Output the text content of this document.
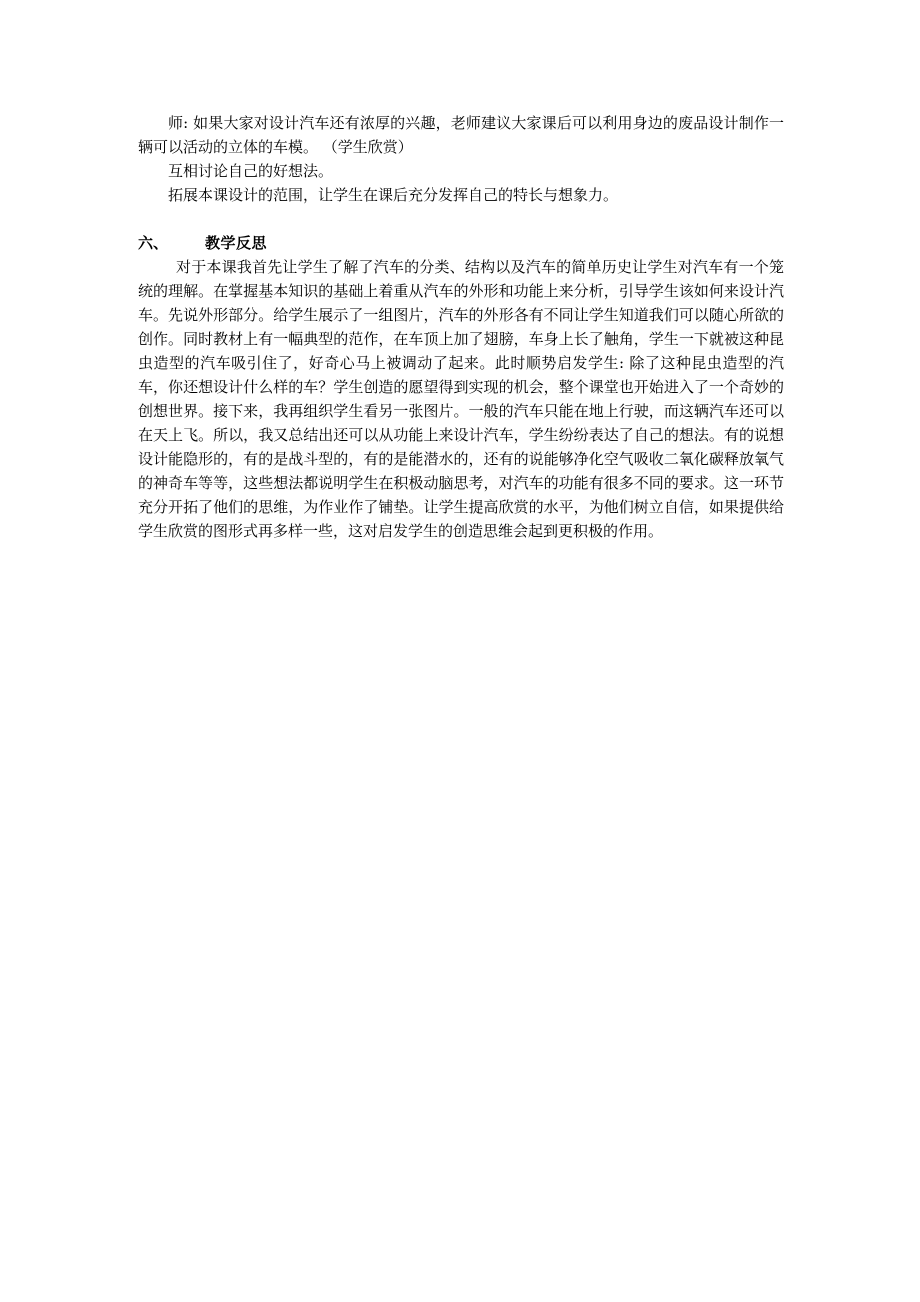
师: 如果大家对设计汽车还有浓厚的兴趣，老师建议大家课后可以利用身边的废品设计制作一辆可以活动的立体的车模。 （学生欣赏）

互相讨论自己的好想法。

拓展本课设计的范围，让学生在课后充分发挥自己的特长与想象力。

六、	教学反思

对于本课我首先让学生了解了汽车的分类、结构以及汽车的简单历史让学生对汽车有一个笼统的理解。在掌握基本知识的基础上着重从汽车的外形和功能上来分析，引导学生该如何来设计汽车。先说外形部分。给学生展示了一组图片，汽车的外形各有不同让学生知道我们可以随心所欲的创作。同时教材上有一幅典型的范作，在车顶上加了翅膀，车身上长了触角，学生一下就被这种昆虫造型的汽车吸引住了，好奇心马上被调动了起来。此时顺势启发学生: 除了这种昆虫造型的汽车，你还想设计什么样的车？学生创造的愿望得到实现的机会，整个课堂也开始进入了一个奇妙的创想世界。接下来，我再组织学生看另一张图片。一般的汽车只能在地上行驶，而这辆汽车还可以在天上飞。所以，我又总结出还可以从功能上来设计汽车，学生纷纷表达了自己的想法。有的说想设计能隐形的，有的是战斗型的，有的是能潜水的，还有的说能够净化空气吸收二氧化碳释放氧气的神奇车等等，这些想法都说明学生在积极动脑思考，对汽车的功能有很多不同的要求。这一环节充分开拓了他们的思维，为作业作了铺垫。让学生提高欣赏的水平，为他们树立自信，如果提供给学生欣赏的图形式再多样一些，这对启发学生的创造思维会起到更积极的作用。
